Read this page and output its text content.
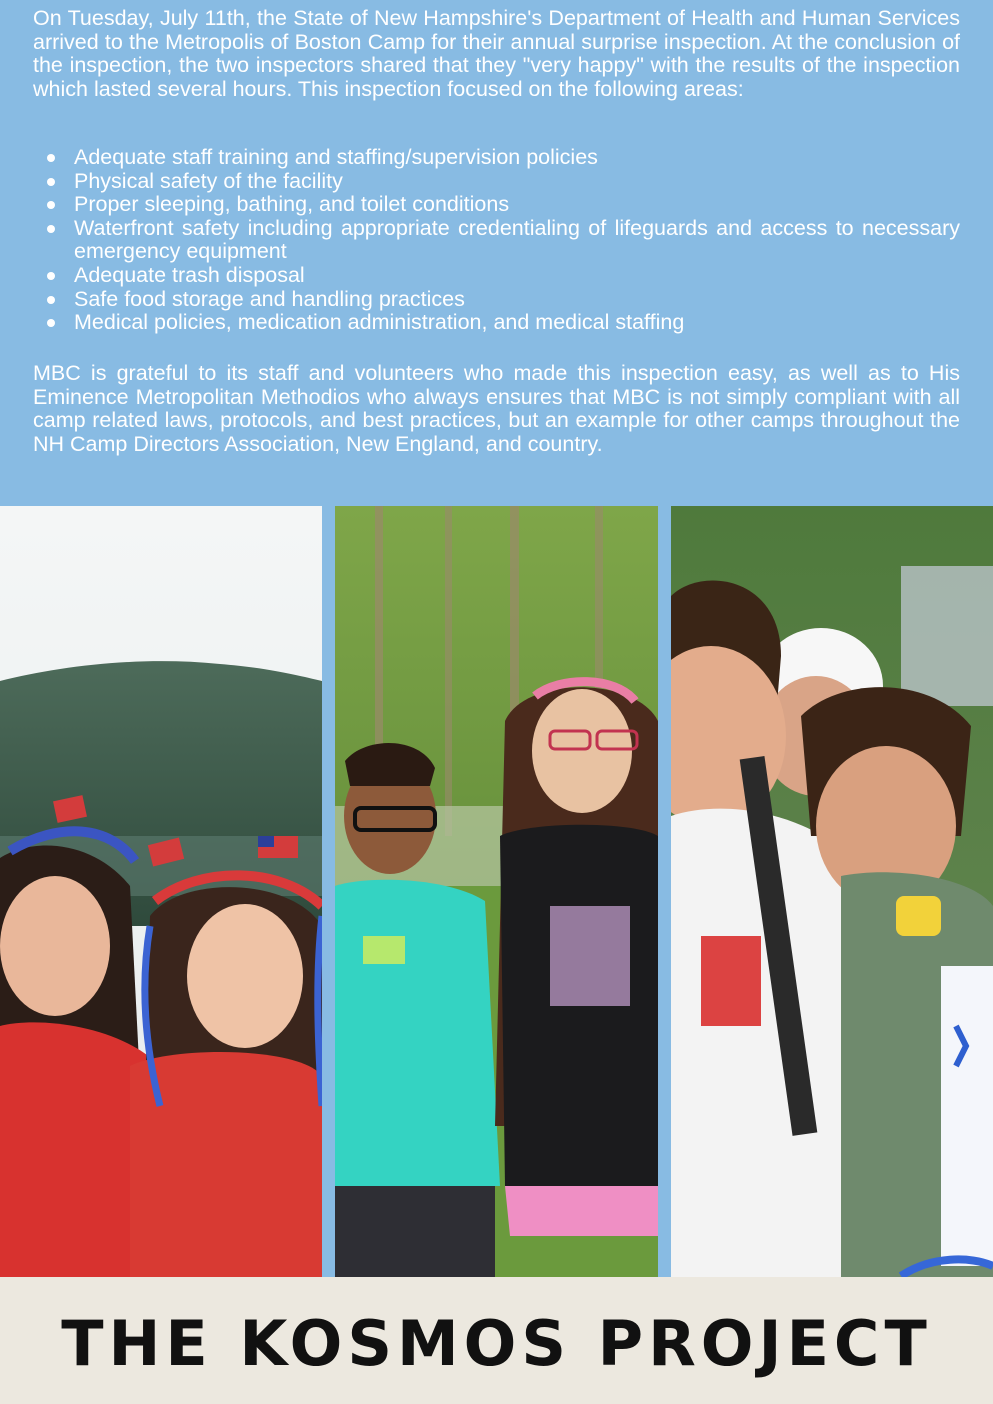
On Tuesday, July 11th, the State of New Hampshire's Department of Health and Human Services arrived to the Metropolis of Boston Camp for their annual surprise inspection. At the conclusion of the inspection, the two inspectors shared that they "very happy" with the results of the inspection which lasted several hours. This inspection focused on the following areas:

Adequate staff training and staffing/supervision policies
Physical safety of the facility
Proper sleeping, bathing, and toilet conditions
Waterfront safety including appropriate credentialing of lifeguards and access to necessary emergency equipment
Adequate trash disposal
Safe food storage and handling practices
Medical policies, medication administration, and medical staffing

MBC is grateful to its staff and volunteers who made this inspection easy, as well as to His Eminence Metropolitan Methodios who always ensures that MBC is not simply compliant with all camp related laws, protocols, and best practices, but an example for other camps throughout the NH Camp Directors Association, New England, and country.

THE KOSMOS PROJECT
